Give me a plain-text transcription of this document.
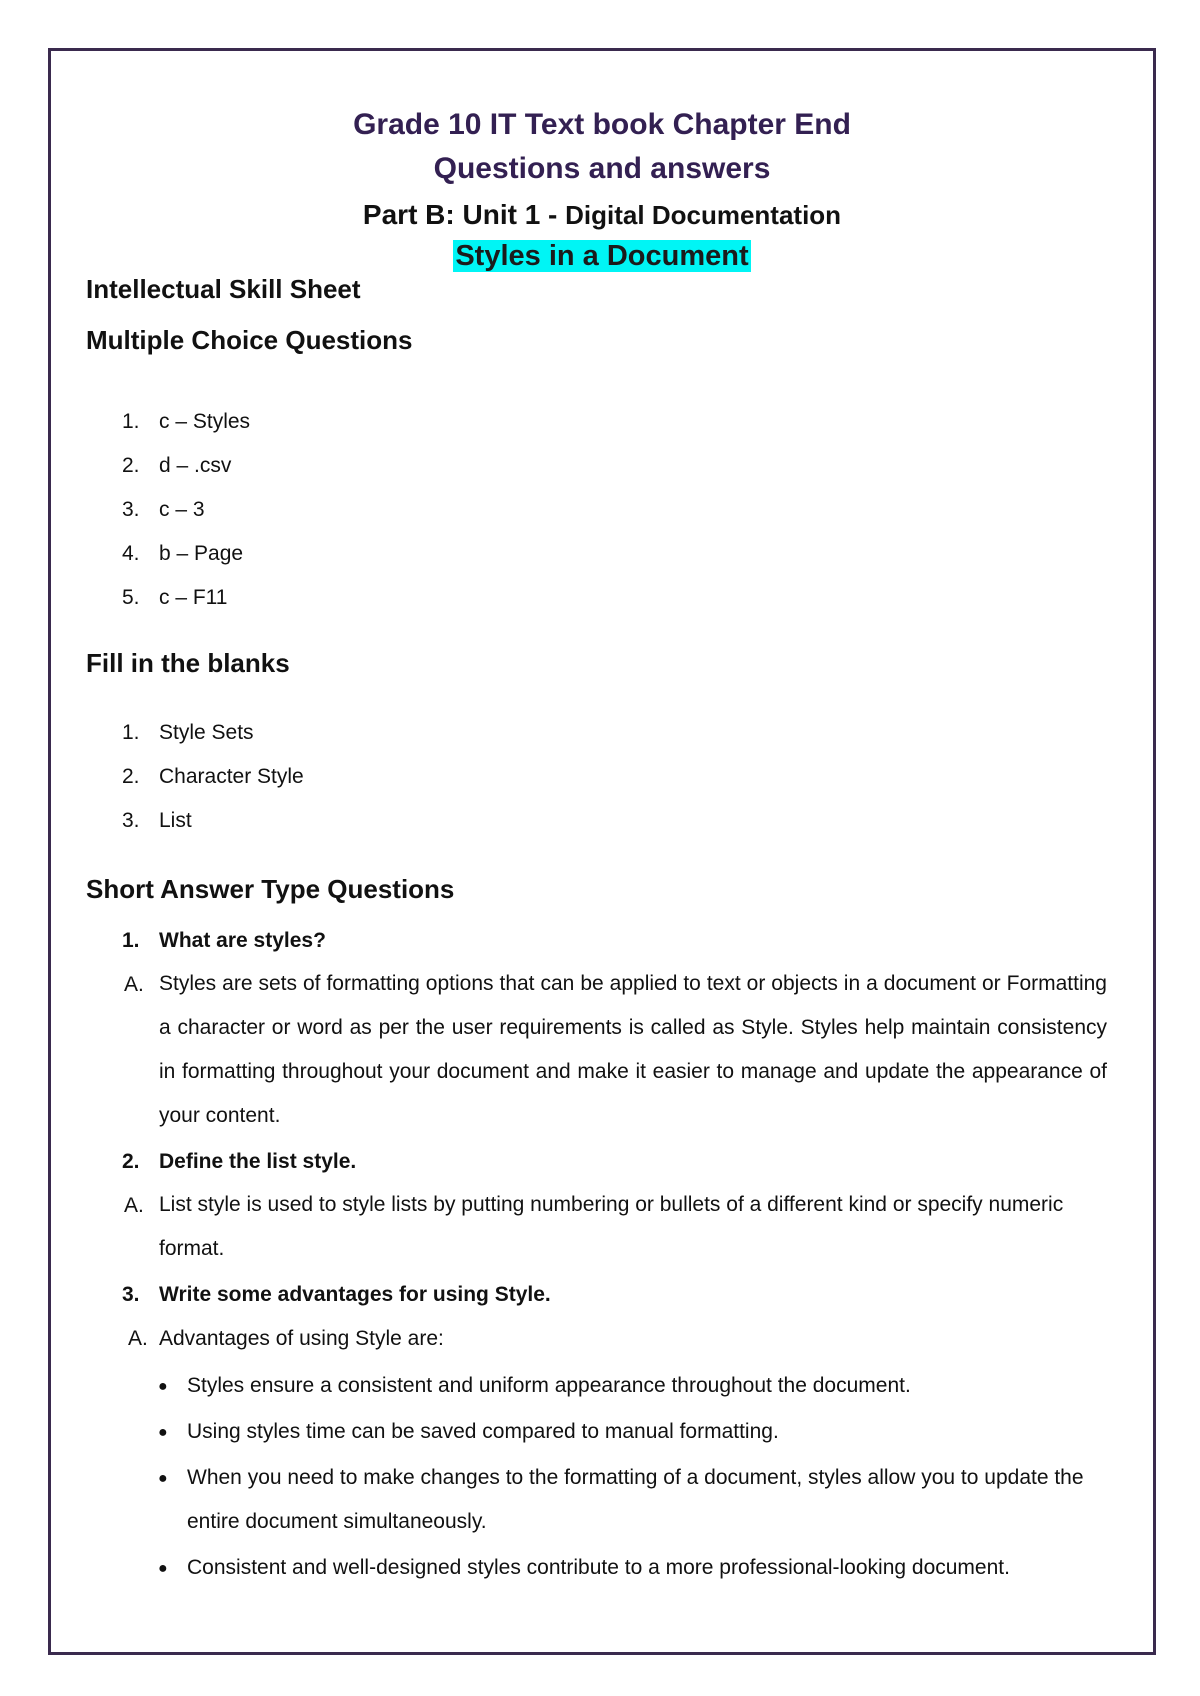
Grade 10 IT Text book Chapter End
Questions and answers
Part B: Unit 1 - Digital Documentation
Styles in a Document
Intellectual Skill Sheet
Multiple Choice Questions
1. c – Styles
2. d – .csv
3. c – 3
4. b – Page
5. c – F11
Fill in the blanks
1. Style Sets
2. Character Style
3. List
Short Answer Type Questions
1. What are styles?
A. Styles are sets of formatting options that can be applied to text or objects in a document or Formatting a character or word as per the user requirements is called as Style. Styles help maintain consistency in formatting throughout your document and make it easier to manage and update the appearance of your content.
2. Define the list style.
A. List style is used to style lists by putting numbering or bullets of a different kind or specify numeric format.
3. Write some advantages for using Style.
A. Advantages of using Style are:
● Styles ensure a consistent and uniform appearance throughout the document.
● Using styles time can be saved compared to manual formatting.
● When you need to make changes to the formatting of a document, styles allow you to update the entire document simultaneously.
● Consistent and well-designed styles contribute to a more professional-looking document.
